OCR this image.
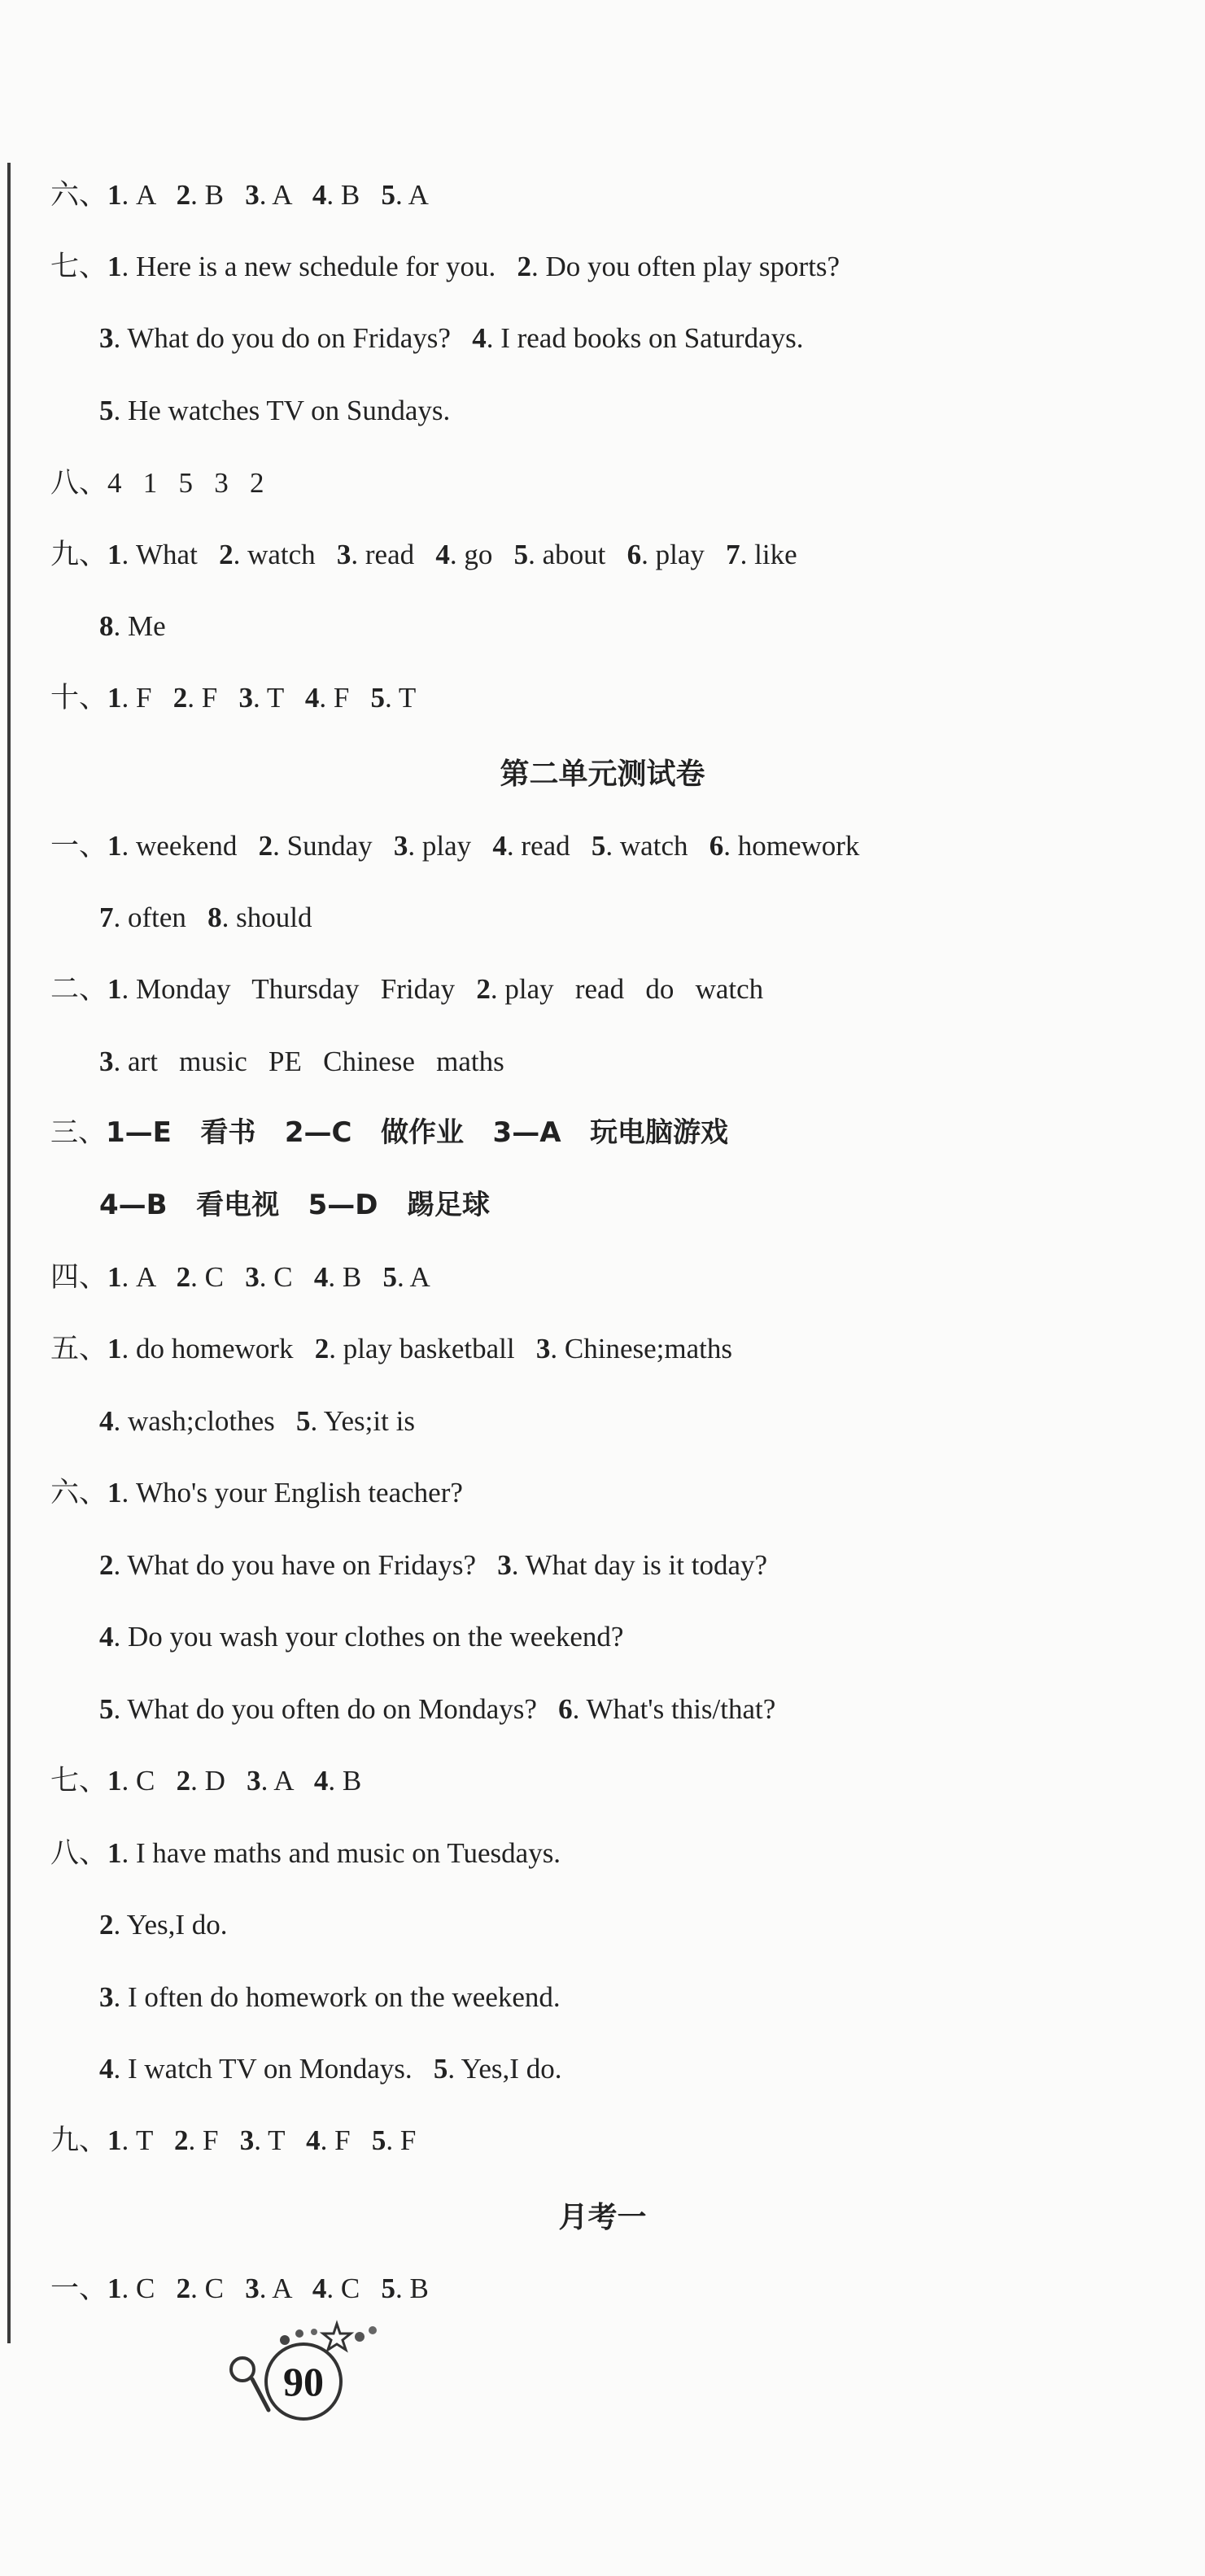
六、1. A   2. B   3. A   4. B   5. A
七、1. Here is a new schedule for you.   2. Do you often play sports?
3. What do you do on Fridays?   4. I read books on Saturdays.
5. He watches TV on Sundays.
八、4   1   5   3   2
九、1. What   2. watch   3. read   4. go   5. about   6. play   7. like
8. Me
十、1. F   2. F   3. T   4. F   5. T
第二单元测试卷
一、1. weekend   2. Sunday   3. play   4. read   5. watch   6. homework
7. often   8. should
二、1. Monday   Thursday   Friday   2. play   read   do   watch
3. art   music   PE   Chinese   maths
三、1—E   看书   2—C   做作业   3—A   玩电脑游戏
4—B   看电视   5—D   踢足球
四、1. A   2. C   3. C   4. B   5. A
五、1. do homework   2. play basketball   3. Chinese;maths
4. wash;clothes   5. Yes;it is
六、1. Who's your English teacher?
2. What do you have on Fridays?   3. What day is it today?
4. Do you wash your clothes on the weekend?
5. What do you often do on Mondays?   6. What's this/that?
七、1. C   2. D   3. A   4. B
八、1. I have maths and music on Tuesdays.
2. Yes,I do.
3. I often do homework on the weekend.
4. I watch TV on Mondays.   5. Yes,I do.
九、1. T   2. F   3. T   4. F   5. F
月考一
一、1. C   2. C   3. A   4. C   5. B
90
